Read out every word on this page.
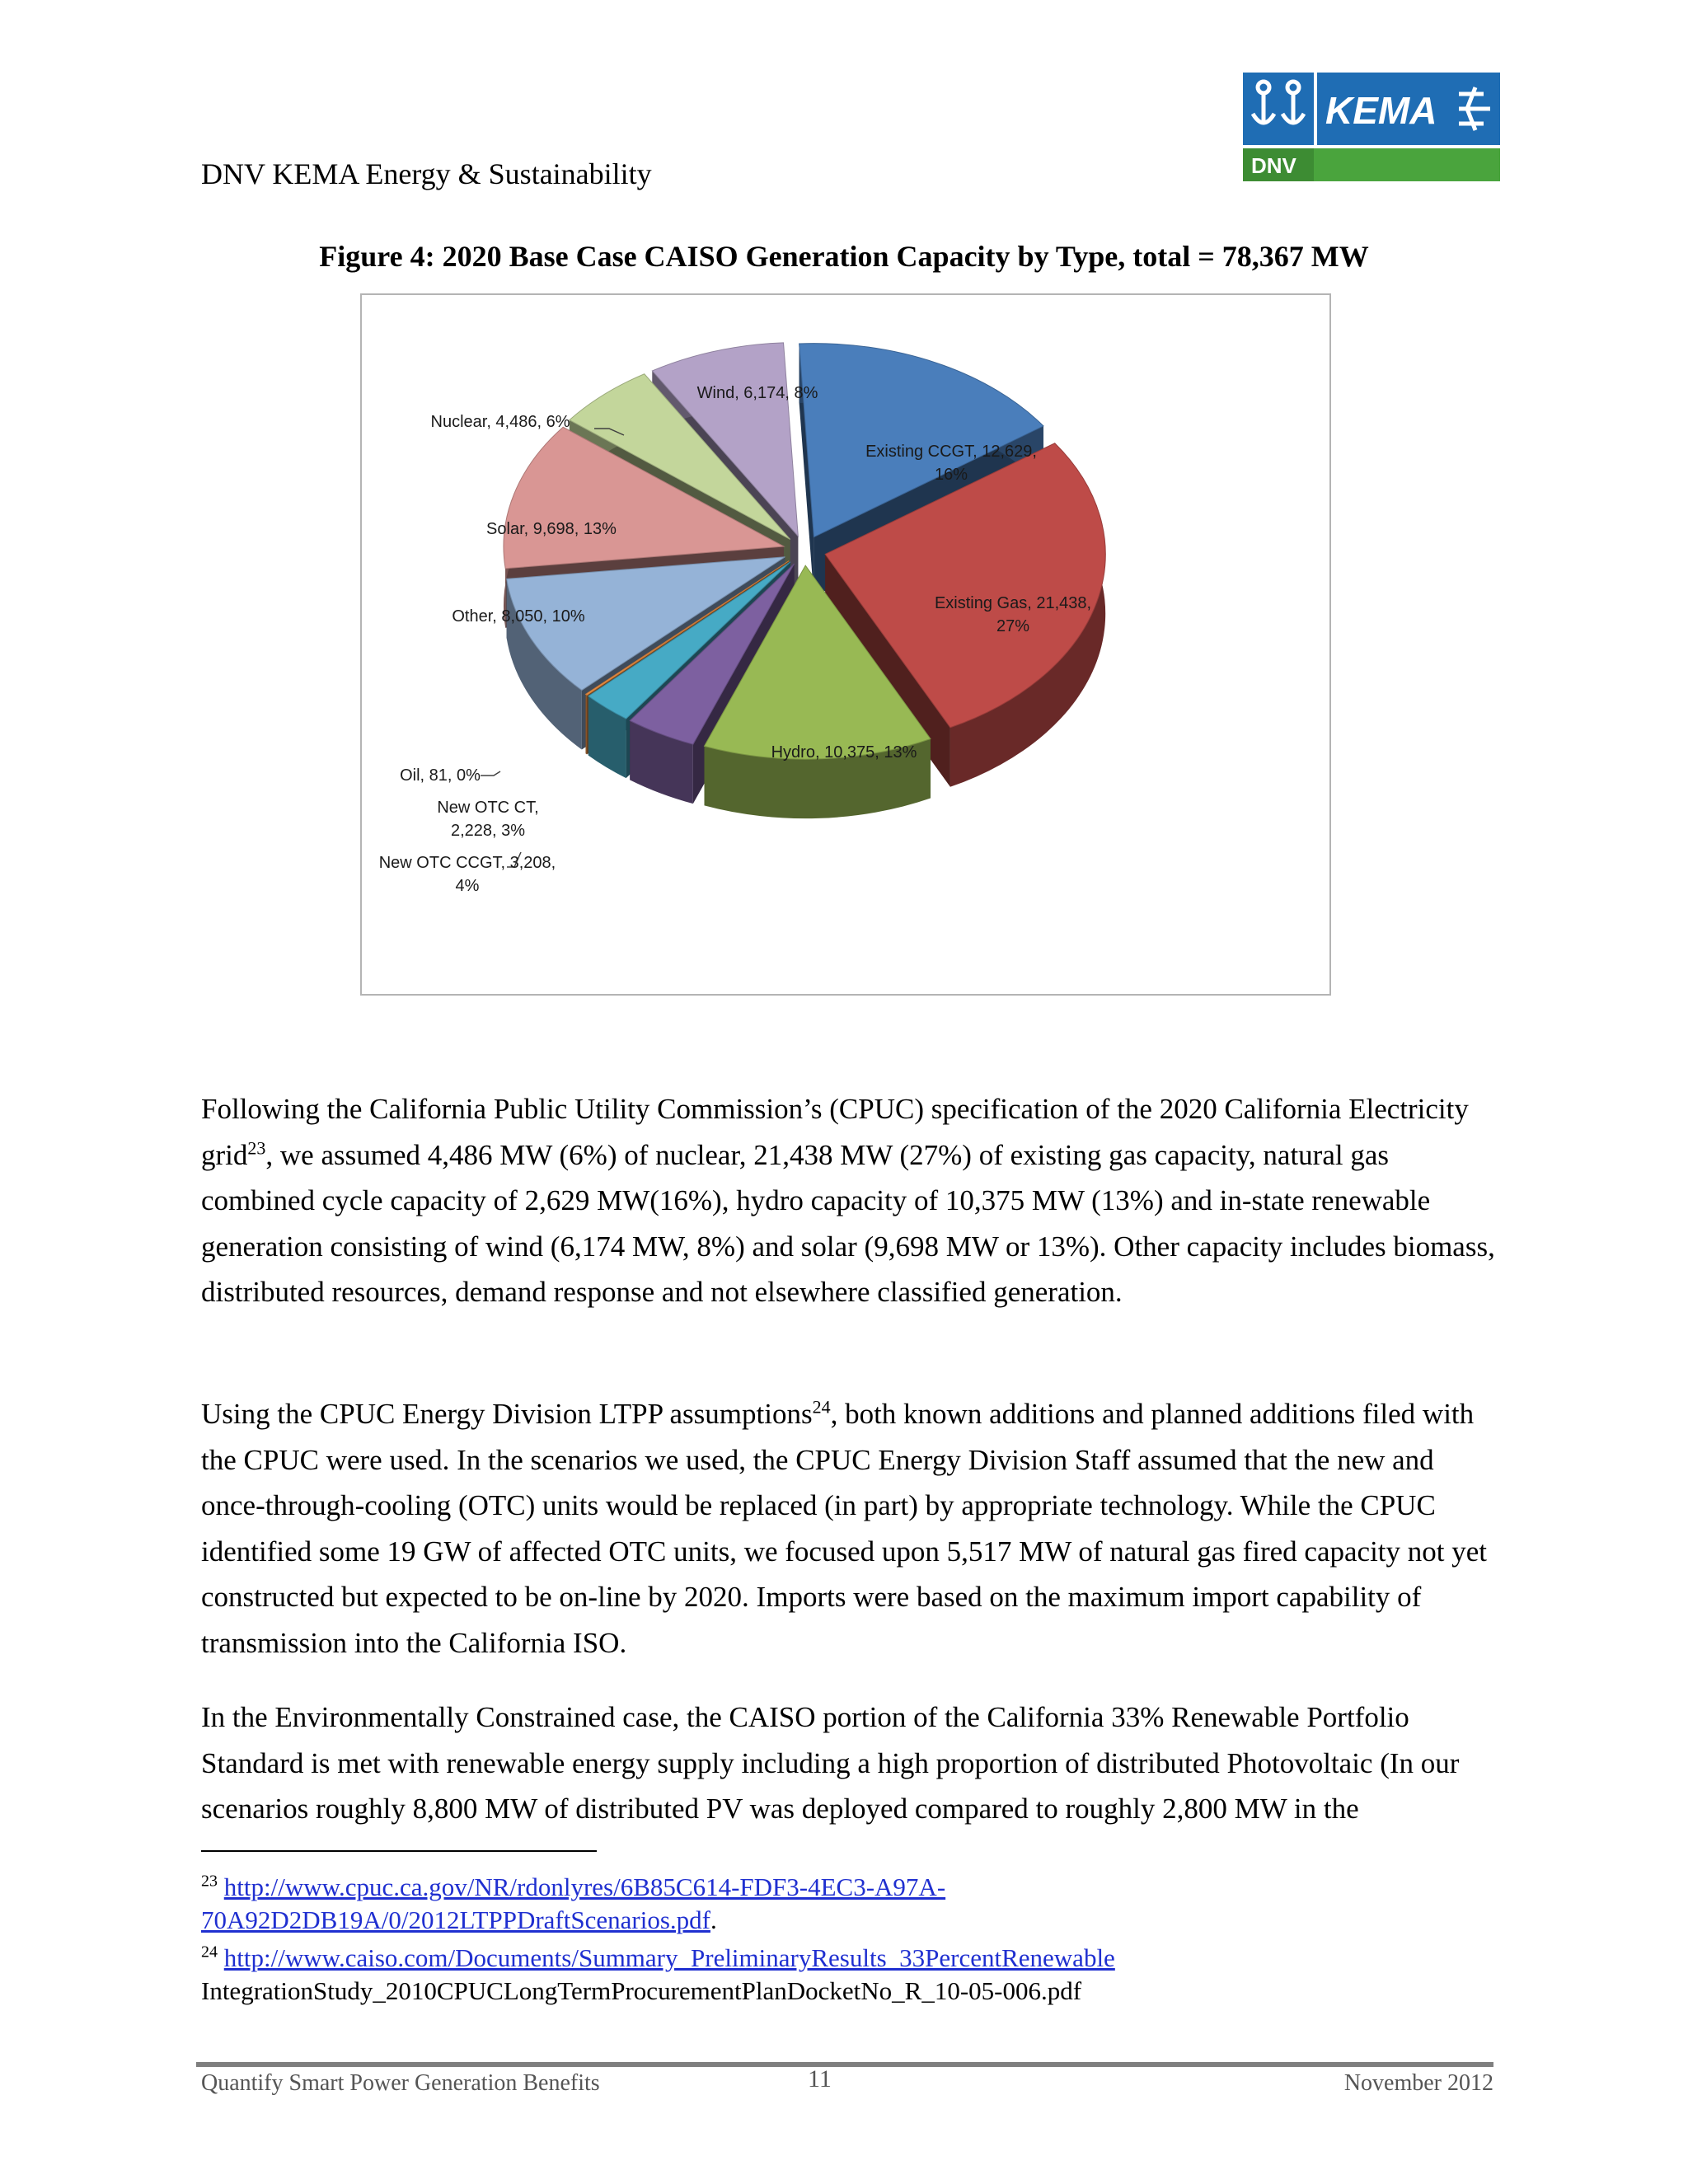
DNV KEMA Energy & Sustainability
KEMA
DNV
Figure 4: 2020 Base Case CAISO Generation Capacity by Type, total = 78,367 MW
Existing CCGT, 12,629, 16%
Existing Gas, 21,438, 27%
Hydro, 10,375, 13%
New OTC CCGT, 3,208, 4%
New OTC CT, 2,228, 3%
Oil, 81, 0%
Other, 8,050, 10%
Solar, 9,698, 13%
Nuclear, 4,486, 6%
Wind, 6,174, 8%

Following the California Public Utility Commission’s (CPUC) specification of the 2020 California Electricity grid$^{23}$, we assumed 4,486 MW (6%) of nuclear, 21,438 MW (27%) of existing gas capacity, natural gas combined cycle capacity of 2,629 MW(16%), hydro capacity of 10,375 MW (13%) and in-state renewable generation consisting of wind (6,174 MW, 8%) and solar (9,698 MW or 13%). Other capacity includes biomass, distributed resources, demand response and not elsewhere classified generation.

Using the CPUC Energy Division LTPP assumptions$^{24}$, both known additions and planned additions filed with the CPUC were used. In the scenarios we used, the CPUC Energy Division Staff assumed that the new and once-through-cooling (OTC) units would be replaced (in part) by appropriate technology. While the CPUC identified some 19 GW of affected OTC units, we focused upon 5,517 MW of natural gas fired capacity not yet constructed but expected to be on-line by 2020. Imports were based on the maximum import capability of transmission into the California ISO.

In the Environmentally Constrained case, the CAISO portion of the California 33% Renewable Portfolio Standard is met with renewable energy supply including a high proportion of distributed Photovoltaic (In our scenarios roughly 8,800 MW of distributed PV was deployed compared to roughly 2,800 MW in the

$^{23}$ http://www.cpuc.ca.gov/NR/rdonlyres/6B85C614-FDF3-4EC3-A97A-
70A92D2DB19A/0/2012LTPPDraftScenarios.pdf.
$^{24}$ http://www.caiso.com/Documents/Summary_PreliminaryResults_33PercentRenewable
IntegrationStudy_2010CPUCLongTermProcurementPlanDocketNo_R_10-05-006.pdf
Quantify Smart Power Generation Benefits	11	November 2012
